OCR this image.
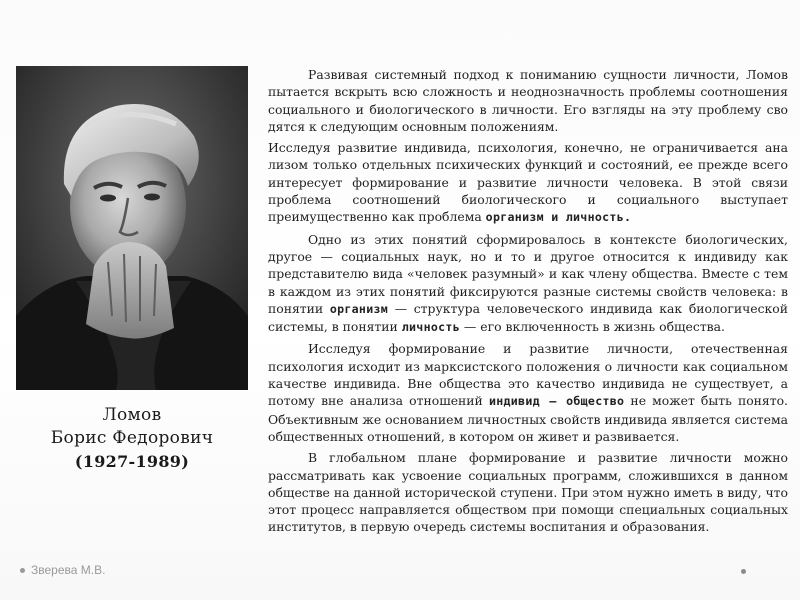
Ломов
Борис Федорович
(1927-1989)

Развивая системный подход к пониманию сущности личности, Ломов пытается вскрыть всю сложность и неоднозначность проблемы соотношения социального и биологического в личности. Его взгляды на эту проблему сво дятся к следующим основным положениям.

Исследуя развитие индивида, психология, конечно, не ограничивается ана лизом только отдельных психических функций и состояний, ее прежде всего интересует формирование и развитие личности человека. В этой связи проблема соотношений биологического и социального выступает преимущественно как проблема организм и личность.

Одно из этих понятий сформировалось в контексте биологических, другое — социальных наук, но и то и другое относится к индивиду как представителю вида «человек разумный» и как члену общества. Вместе с тем в каждом из этих понятий фиксируются разные системы свойств человека: в понятии организм — структура человеческого индивида как биологической системы, в понятии личность — его включенность в жизнь общества.

Исследуя формирование и развитие личности, отечественная психология исходит из марксистского положения о личности как социальном качестве индивида. Вне общества это качество индивида не существует, а потому вне анализа отношений индивид — общество не может быть понято. Объективным же основанием личностных свойств индивида является система общественных отношений, в котором он живет и развивается.

В глобальном плане формирование и развитие личности можно рассматривать как усвоение социальных программ, сложившихся в данном обществе на данной исторической ступени. При этом нужно иметь в виду, что этот процесс направляется обществом при помощи специальных социальных институтов, в первую очередь системы воспитания и образования.

Зверева М.В.
